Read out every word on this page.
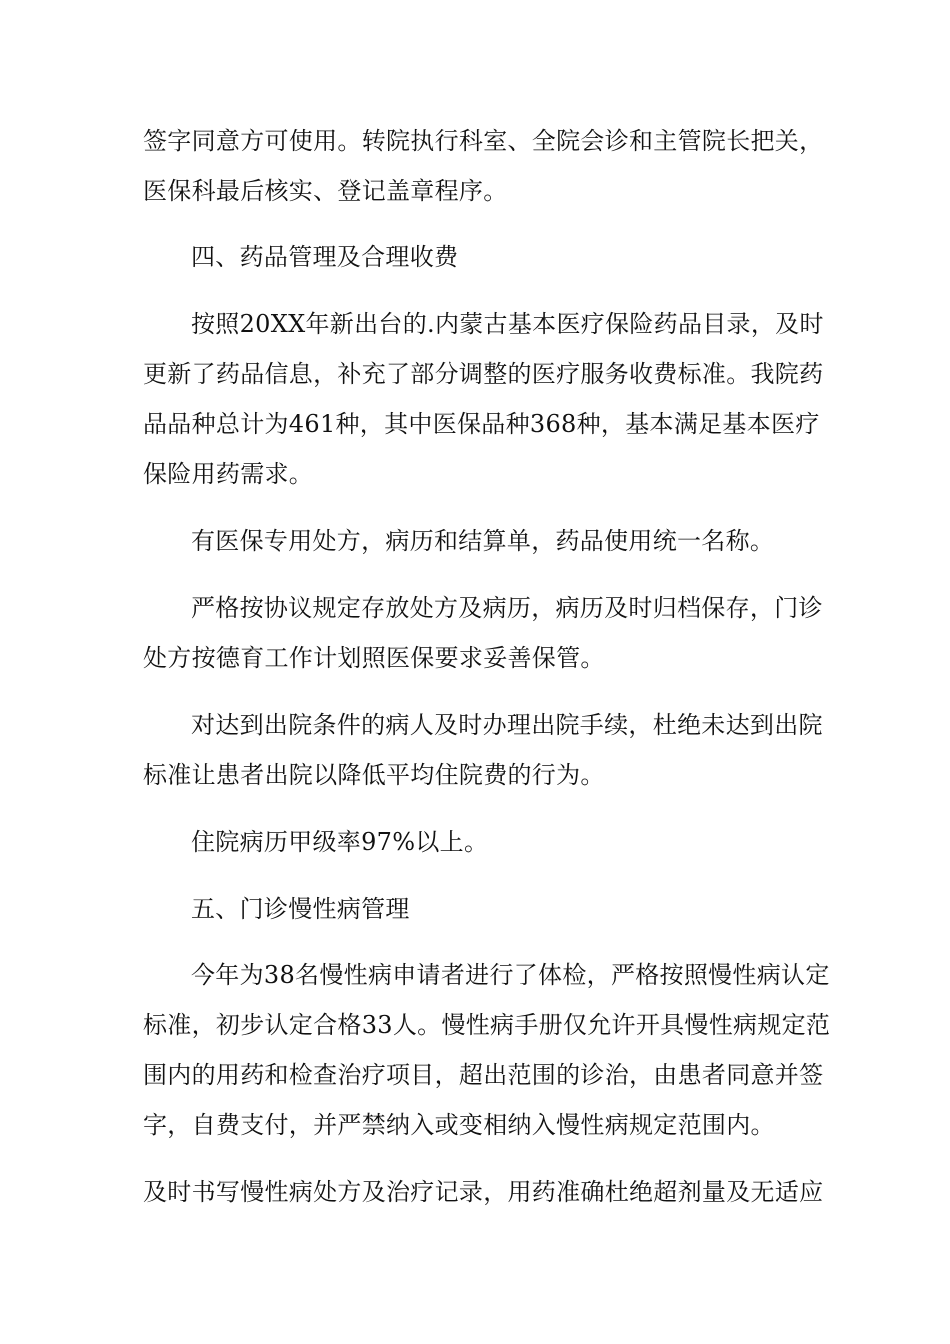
签字同意方可使用。转院执行科室、全院会诊和主管院长把关，
医保科最后核实、登记盖章程序。
四、药品管理及合理收费
按照20XX年新出台的.内蒙古基本医疗保险药品目录，及时
更新了药品信息，补充了部分调整的医疗服务收费标准。我院药
品品种总计为461种，其中医保品种368种，基本满足基本医疗
保险用药需求。
有医保专用处方，病历和结算单，药品使用统一名称。
严格按协议规定存放处方及病历，病历及时归档保存，门诊
处方按德育工作计划照医保要求妥善保管。
对达到出院条件的病人及时办理出院手续，杜绝未达到出院
标准让患者出院以降低平均住院费的行为。
住院病历甲级率97%以上。
五、门诊慢性病管理
今年为38名慢性病申请者进行了体检，严格按照慢性病认定
标准，初步认定合格33人。慢性病手册仅允许开具慢性病规定范
围内的用药和检查治疗项目，超出范围的诊治，由患者同意并签
字，自费支付，并严禁纳入或变相纳入慢性病规定范围内。
及时书写慢性病处方及治疗记录，用药准确杜绝超剂量及无适应
